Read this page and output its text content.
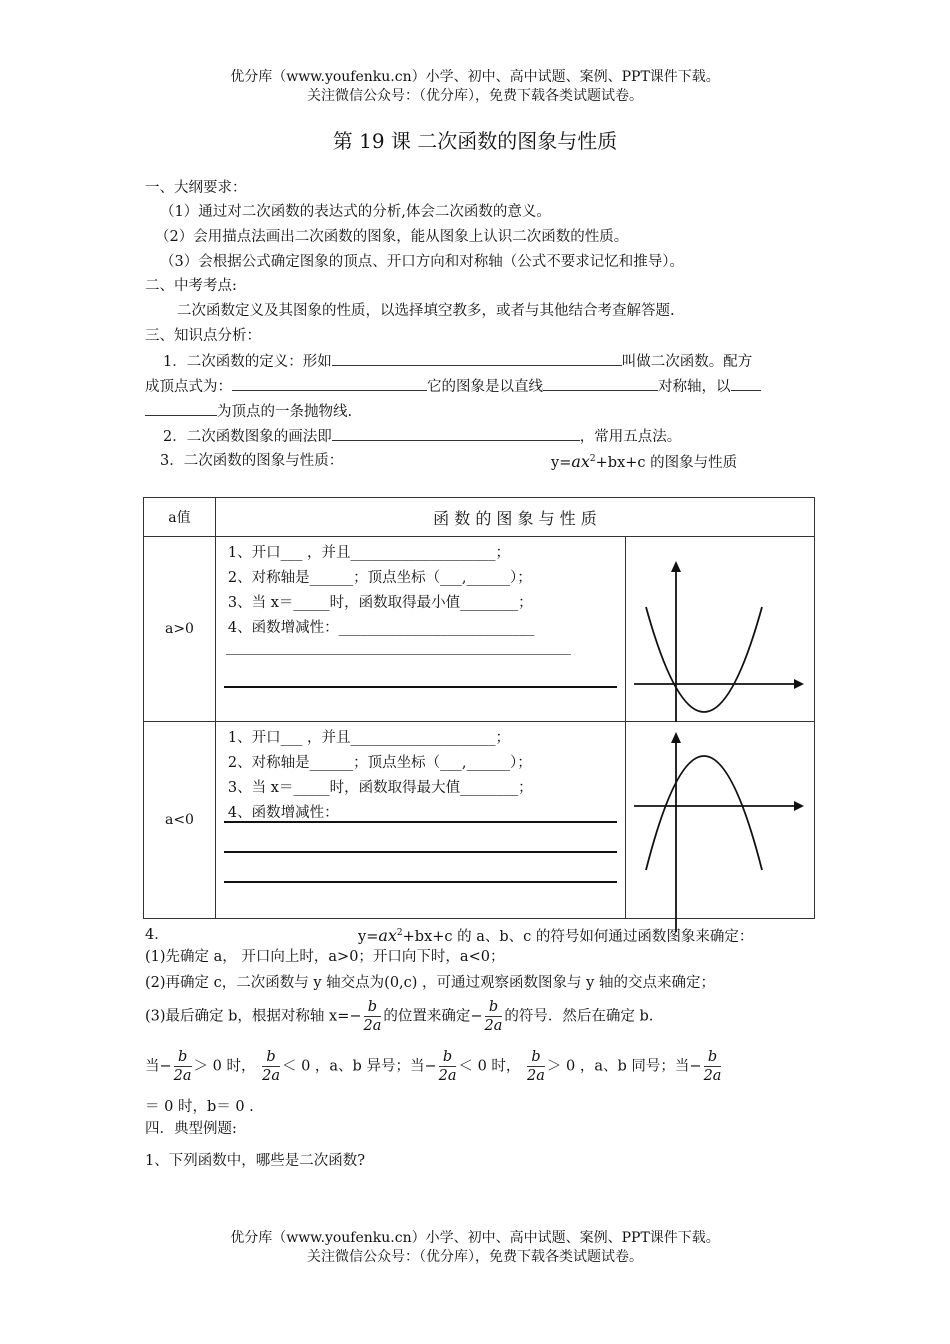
优分库（www.youfenku.cn）小学、初中、高中试题、案例、PPT课件下载。
关注微信公众号：（优分库），免费下载各类试题试卷。
第 19 课 二次函数的图象与性质
一、大纲要求：
（1）通过对二次函数的表达式的分析,体会二次函数的意义。
（2）会用描点法画出二次函数的图象，能从图象上认识二次函数的性质。
（3）会根据公式确定图象的顶点、开口方向和对称轴（公式不要求记忆和推导）。
二、中考考点:
二次函数定义及其图象的性质，以选择填空教多，或者与其他结合考查解答题.
三、知识点分析：
1．二次函数的定义：形如	叫做二次函数。配方
成顶点式为：	它的图象是以直线	对称轴，以
为顶点的一条抛物线.
2．二次函数图象的画法即	，常用五点法。
3．二次函数的图象与性质：	$y=ax^2+bx+c$ 的图象与性质
a值	函 数 的 图 象 与 性 质	
a>0	1、开口___ ，并且____________________；
2、对称轴是______；顶点坐标（___,______）；
3、当 x＝_____时，函数取得最小值________；
4、函数增减性：___________________________

a<0	1、开口___ ，并且____________________；
2、对称轴是______；顶点坐标（___,______）；
3、当 x＝_____时，函数取得最大值________；
4、函数增减性：

4．	$y=ax^2+bx+c$ 的 a、b、c 的符号如何通过函数图象来确定：
(1)先确定 a， 开口向上时，a>0；开口向下时，a<0；
(2)再确定 c，二次函数与 y 轴交点为(0,c) ，可通过观察函数图象与 y 轴的交点来确定；
(3)最后确定 b，根据对称轴 $x=- \frac{b}{2a}$ 的位置来确定− $\frac{b}{2a}$ 的符号．然后在确定 b.
当− $\frac{b}{2a} > 0$ 时， $\frac{b}{2a} < 0$ ，a、b 异号；当− $\frac{b}{2a} < 0$ 时， $\frac{b}{2a} > 0$ ，a、b 同号；当− $\frac{b}{2a}$
＝ 0 时，b＝ 0 .
四．典型例题:
1、下列函数中，哪些是二次函数?
优分库（www.youfenku.cn）小学、初中、高中试题、案例、PPT课件下载。
关注微信公众号：（优分库），免费下载各类试题试卷。
